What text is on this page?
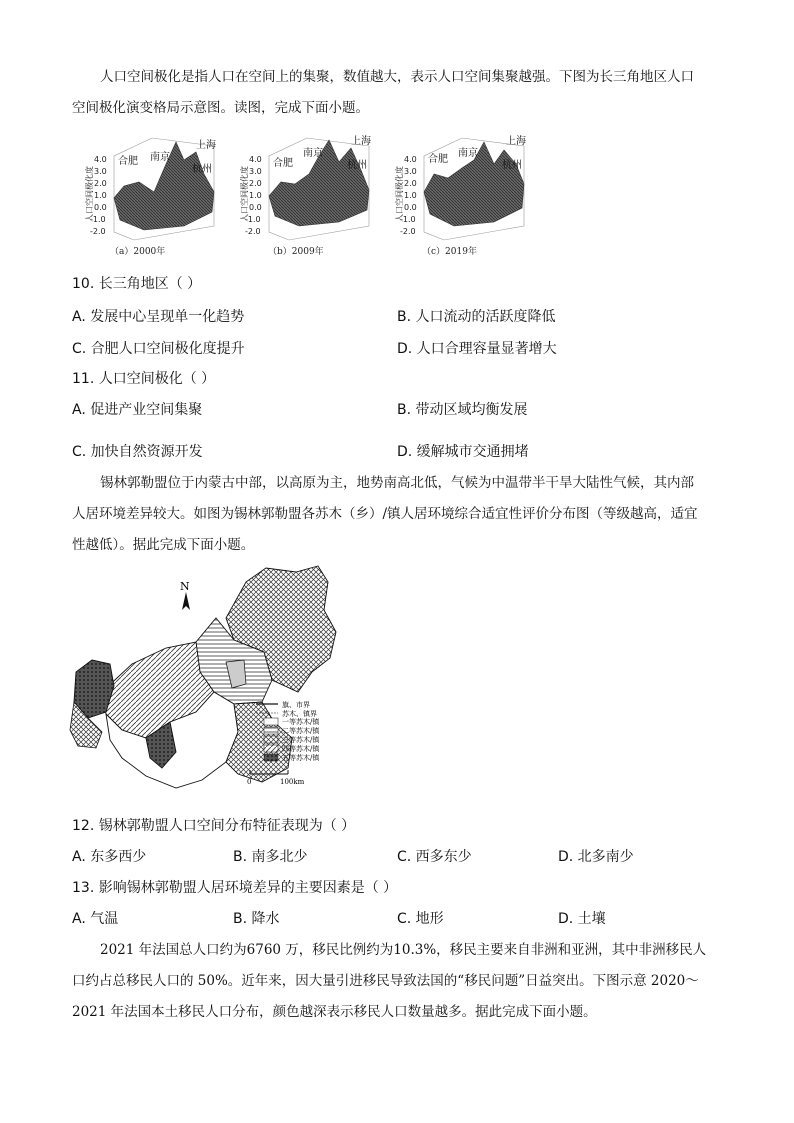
人口空间极化是指人口在空间上的集聚，数值越大，表示人口空间集聚越强。下图为长三角地区人口
空间极化演变格局示意图。读图，完成下面小题。
人口空间极化度
4.0
3.0
2.0
1.0
0.0
-1.0
-2.0
合肥 南京
上海
杭州	人口空间极化度
4.0
3.0
2.0
1.0
0.0
-1.0
-2.0
合肥
南京
上海
杭州
人口空间极化度
4.0
3.0
2.0
1.0
0.0
-1.0
-2.0
合肥
南京
上海
杭州
（a）2000年	（b）2009年	（c）2019年
10. 长三角地区（ ）
A. 发展中心呈现单一化趋势	B. 人口流动的活跃度降低
C. 合肥人口空间极化度提升	D. 人口合理容量显著增大
11. 人口空间极化（ ）
A. 促进产业空间集聚	B. 带动区域均衡发展
C. 加快自然资源开发	D. 缓解城市交通拥堵
锡林郭勒盟位于内蒙古中部，以高原为主，地势南高北低，气候为中温带半干旱大陆性气候，其内部
人居环境差异较大。如图为锡林郭勒盟各苏木（乡）/镇人居环境综合适宜性评价分布图（等级越高，适宜
性越低）。据此完成下面小题。
N
旗、市界
苏木、镇界
一等苏木/镇
二等苏木/镇
三等苏木/镇
四等苏木/镇
五等苏木/镇
0	100km
12. 锡林郭勒盟人口空间分布特征表现为（ ）
A. 东多西少	B. 南多北少	C. 西多东少	D. 北多南少
13. 影响锡林郭勒盟人居环境差异的主要因素是（ ）
A. 气温	B. 降水	C. 地形	D. 土壤
2021 年法国总人口约为6760 万，移民比例约为10.3%，移民主要来自非洲和亚洲，其中非洲移民人
口约占总移民人口的 50%。近年来，因大量引进移民导致法国的“移民问题”日益突出。下图示意 2020～
2021 年法国本土移民人口分布，颜色越深表示移民人口数量越多。据此完成下面小题。
